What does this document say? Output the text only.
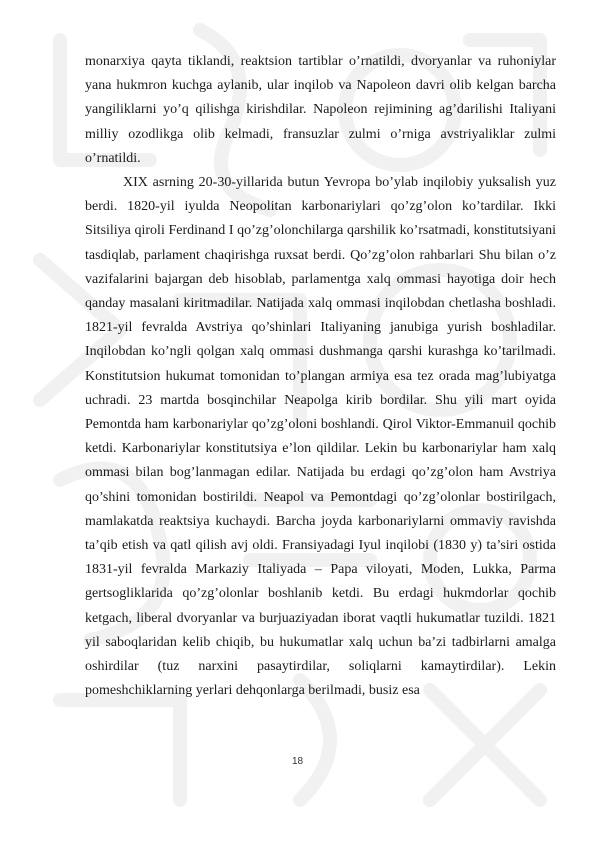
monarxiya qayta tiklandi, reaktsion tartiblar o’rnatildi, dvoryanlar va ruhoniylar yana hukmron kuchga aylanib, ular inqilob va Napoleon davri olib kelgan barcha yangiliklarni yo’q qilishga kirishdilar. Napoleon rejimining ag’darilishi Italiyani milliy ozodlikga olib kelmadi, fransuzlar zulmi o’rniga avstriyaliklar zulmi o’rnatildi.

XIX asrning 20-30-yillarida butun Yevropa bo’ylab inqilobiy yuksalish yuz berdi. 1820-yil iyulda Neopolitan karbonariylari qo’zg’olon ko’tardilar. Ikki Sitsiliya qiroli Ferdinand I qo’zg’olonchilarga qarshilik ko’rsatmadi, konstitutsiyani tasdiqlab, parlament chaqirishga ruxsat berdi. Qo’zg’olon rahbarlari Shu bilan o’z vazifalarini bajargan deb hisoblab, parlamentga xalq ommasi hayotiga doir hech qanday masalani kiritmadilar. Natijada xalq ommasi inqilobdan chetlasha boshladi. 1821-yil fevralda Avstriya qo’shinlari Italiyaning janubiga yurish boshladilar. Inqilobdan ko’ngli qolgan xalq ommasi dushmanga qarshi kurashga ko’tarilmadi. Konstitutsion hukumat tomonidan to’plangan armiya esa tez orada mag’lubiyatga uchradi. 23 martda bosqinchilar Neapolga kirib bordilar. Shu yili mart oyida Pemontda ham karbonariylar qo’zg’oloni boshlandi. Qirol Viktor-Emmanuil qochib ketdi. Karbonariylar konstitutsiya e’lon qildilar. Lekin bu karbonariylar ham xalq ommasi bilan bog’lanmagan edilar. Natijada bu erdagi qo’zg’olon ham Avstriya qo’shini tomonidan bostirildi. Neapol va Pemontdagi qo’zg’olonlar bostirilgach, mamlakatda reaktsiya kuchaydi. Barcha joyda karbonariylarni ommaviy ravishda ta’qib etish va qatl qilish avj oldi. Fransiyadagi Iyul inqilobi (1830 y) ta’siri ostida 1831-yil fevralda Markaziy Italiyada – Papa viloyati, Moden, Lukka, Parma gertsogliklarida qo’zg’olonlar boshlanib ketdi. Bu erdagi hukmdorlar qochib ketgach, liberal dvoryanlar va burjuaziyadan iborat vaqtli hukumatlar tuzildi. 1821 yil saboqlaridan kelib chiqib, bu hukumatlar xalq uchun ba’zi tadbirlarni amalga oshirdilar (tuz narxini pasaytirdilar, soliqlarni kamaytirdilar). Lekin pomeshchiklarning yerlari dehqonlarga berilmadi, busiz esa

18
